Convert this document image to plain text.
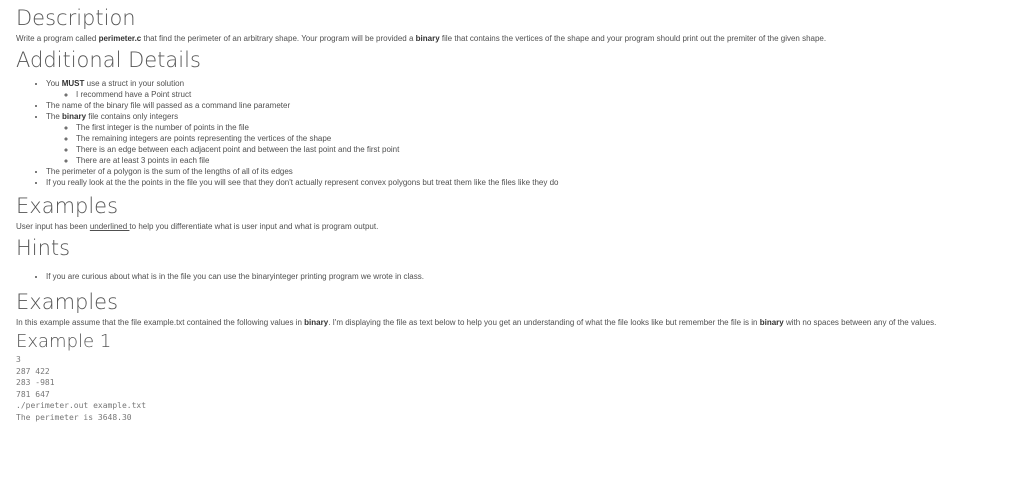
Description

Write a program called perimeter.c that find the perimeter of an arbitrary shape. Your program will be provided a binary file that contains the vertices of the shape and your program should print out the premiter of the given shape.

Additional Details
• You MUST use a struct in your solution
◦ I recommend have a Point struct
• The name of the binary file will passed as a command line parameter
• The binary file contains only integers
◦ The first integer is the number of points in the file
◦ The remaining integers are points representing the vertices of the shape
◦ There is an edge between each adjacent point and between the last point and the first point
◦ There are at least 3 points in each file
• The perimeter of a polygon is the sum of the lengths of all of its edges
• If you really look at the the points in the file you will see that they don't actually represent convex polygons but treat them like the files like they do
Examples

User input has been underlined to help you differentiate what is user input and what is program output.

Hints
• If you are curious about what is in the file you can use the binaryinteger printing program we wrote in class.
Examples

In this example assume that the file example.txt contained the following values in binary. I'm displaying the file as text below to help you get an understanding of what the file looks like but remember the file is in binary with no spaces between any of the values.

Example 1
3
287 422
283 -981
781 647
./perimeter.out example.txt
The perimeter is 3648.30
